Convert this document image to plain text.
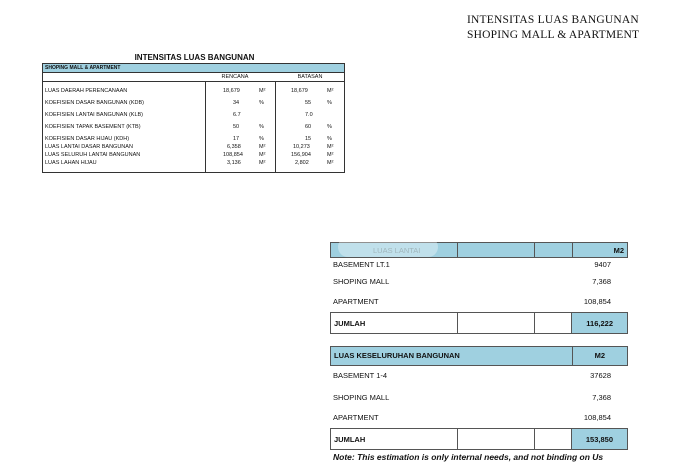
INTENSITAS LUAS BANGUNAN
SHOPING MALL & APARTMENT
INTENSITAS LUAS BANGUNAN
SHOPING MALL & APARTMENT
RENCANA	BATASAN
LUAS DAERAH PERENCANAAN	18,679	M²	18,679	M²
KOEFISIEN DASAR BANGUNAN (KDB)	34	%	55	%
KOEFISIEN LANTAI BANGUNAN (KLB)	6.7	7.0
KOEFISIEN TAPAK BASEMENT (KTB)	50	%	60	%
KOEFISIEN DASAR HIJAU (KDH)	17	%	15	%
LUAS LANTAI DASAR BANGUNAN	6,358	M²	10,273	M²
LUAS SELURUH LANTAI BANGUNAN	108,854	M²	156,904	M²
LUAS LAHAN HIJAU	3,136	M²	2,802	M²
LUAS LANTAI	M2
BASEMENT LT.1	9407
SHOPING MALL	7,368
APARTMENT	108,854
JUMLAH	116,222
LUAS KESELURUHAN BANGUNAN	M2
BASEMENT 1-4	37628
SHOPING MALL	7,368
APARTMENT	108,854
JUMLAH	153,850
Note: This estimation is only internal needs, and not binding on Us
